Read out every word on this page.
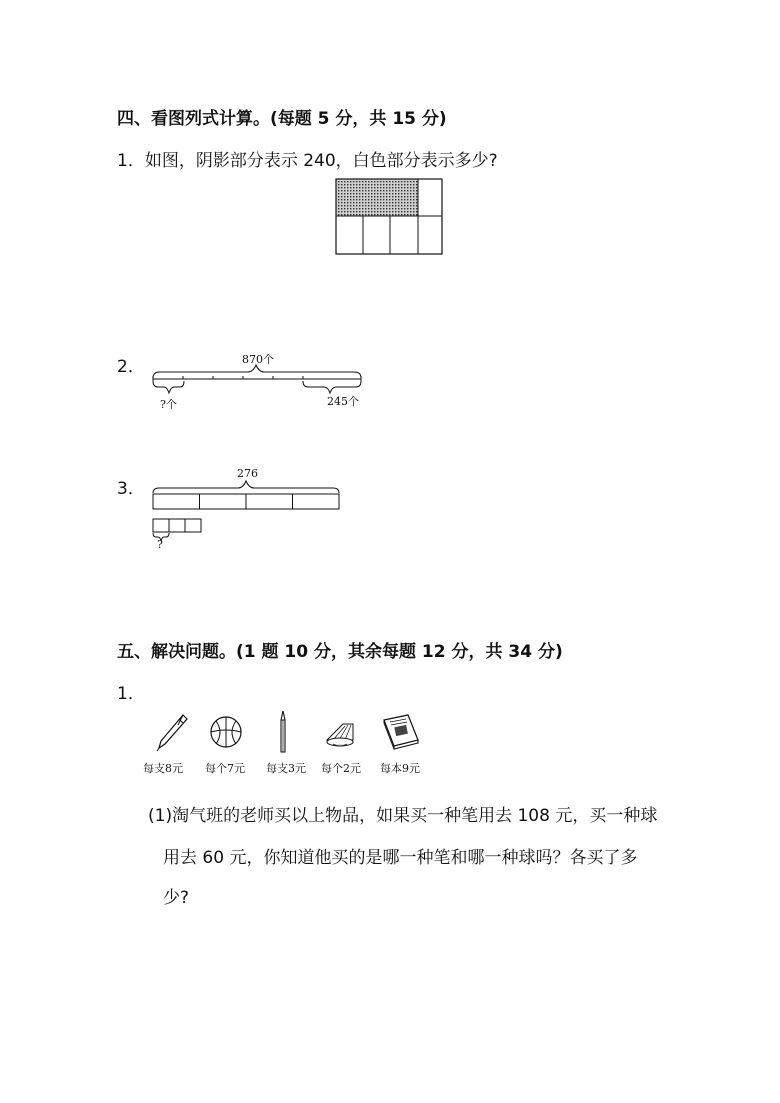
四、看图列式计算。(每题 5 分，共 15 分)
1．如图，阴影部分表示 240，白色部分表示多少?
2．	870个
?个	245个
3．
276
?
五、解决问题。(1 题 10 分，其余每题 12 分，共 34 分)
1．
每支8元	每个7元	每支3元	每个2元	每本9元
(1)淘气班的老师买以上物品，如果买一种笔用去 108 元，买一种球
用去 60 元，你知道他买的是哪一种笔和哪一种球吗？各买了多
少?
